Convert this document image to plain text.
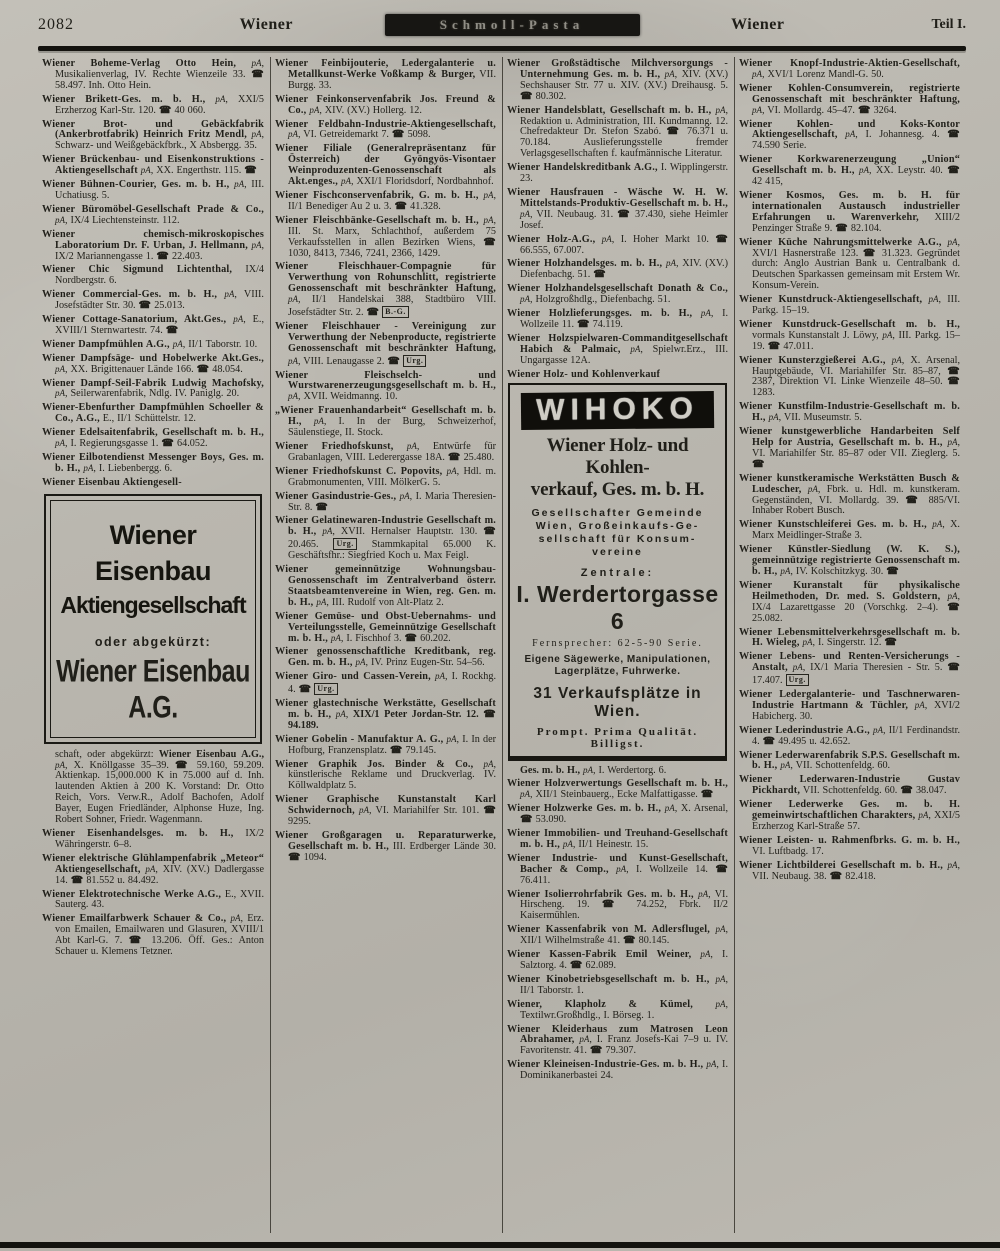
2082	Wiener	Schmoll-Pasta	Wiener	Teil I.

Wiener Boheme-Verlag Otto Hein, pA, Musikalienverlag, IV. Rechte Wienzeile 33. ☎ 58.497. Inh. Otto Hein.

Wiener Brikett-Ges. m. b. H., pA, XXI/5 Erzherzog Karl-Str. 120. ☎ 40 060.

Wiener Brot- und Gebäckfabrik (Ankerbrotfabrik) Heinrich Fritz Mendl, pA, Schwarz- und Weißgebäckfbrk., X Absbergg. 35.

Wiener Brückenbau- und Eisenkonstruktions - Aktiengesellschaft pA, XX. Engerthstr. 115. ☎

Wiener Bühnen-Courier, Ges. m. b. H., pA, III. Uchatiusg. 5.

Wiener Büromöbel-Gesellschaft Prade & Co., pA, IX/4 Liechtensteinstr. 112.

Wiener chemisch-mikroskopisches Laboratorium Dr. F. Urban, J. Hellmann, pA, IX/2 Mariannengasse 1. ☎ 22.403.

Wiener Chic Sigmund Lichtenthal, IX/4 Nordbergstr. 6.

Wiener Commercial-Ges. m. b. H., pA, VIII. Josefstädter Str. 30. ☎ 25.013.

Wiener Cottage-Sanatorium, Akt.Ges., pA, E., XVIII/1 Sternwartestr. 74. ☎

Wiener Dampfmühlen A.G., pA, II/1 Taborstr. 10.

Wiener Dampfsäge- und Hobelwerke Akt.Ges., pA, XX. Brigittenauer Lände 166. ☎ 48.054.

Wiener Dampf-Seil-Fabrik Ludwig Machofsky, pA, Seilerwarenfabrik, Ndlg. IV. Paniglg. 20.

Wiener-Ebenfurther Dampfmühlen Schoeller & Co., A.G., E., II/1 Schüttelstr. 12.

Wiener Edelsaitenfabrik, Gesellschaft m. b. H., pA, I. Regierungsgasse 1. ☎ 64.052.

Wiener Eilbotendienst Messenger Boys, Ges. m. b. H., pA, I. Liebenbergg. 6.

Wiener Eisenbau Aktiengesell-

Wiener
Eisenbau
Aktiengesellschaft
oder abgekürzt:
Wiener Eisenbau A.G.

schaft, oder abgekürzt: Wiener Eisenbau A.G., pA, X. Knöllgasse 35–39. ☎ 59.160, 59.209. Aktienkap. 15,000.000 K in 75.000 auf d. Inh. lautenden Aktien à 200 K. Vorstand: Dr. Otto Reich, Vors. Verw.R., Adolf Bachofen, Adolf Bayer, Eugen Friedländer, Alphonse Huze, Ing. Robert Sohner, Friedr. Wagenmann.

Wiener Eisenhandelsges. m. b. H., IX/2 Währingerstr. 6–8.

Wiener elektrische Glühlampenfabrik „Meteor“ Aktiengesellschaft, pA, XIV. (XV.) Dadlergasse 14. ☎ 81.552 u. 84.492.

Wiener Elektrotechnische Werke A.G., E., XVII. Sauterg. 43.

Wiener Emailfarbwerk Schauer & Co., pA, Erz. von Emailen, Emailwaren und Glasuren, XVIII/1 Abt Karl-G. 7. ☎ 13.206. Öff. Ges.: Anton Schauer u. Klemens Tetzner.

Wiener Feinbijouterie, Ledergalanterie u. Metallkunst-Werke Voßkamp & Burger, VII. Burgg. 33.

Wiener Feinkonservenfabrik Jos. Freund & Co., pA, XIV. (XV.) Hollerg. 12.

Wiener Feldbahn-Industrie-Aktiengesellschaft, pA, VI. Getreidemarkt 7. ☎ 5098.

Wiener Filiale (Generalrepräsentanz für Österreich) der Gyöngyös-Visontaer Weinproduzenten-Genossenschaft als Akt.enges., pA, XXI/1 Floridsdorf, Nordbahnhof.

Wiener Fischconservenfabrik, G. m. b. H., pA, II/1 Benediger Au 2 u. 3. ☎ 41.328.

Wiener Fleischbänke-Gesellschaft m. b. H., pA, III. St. Marx, Schlachthof, außerdem 75 Verkaufsstellen in allen Bezirken Wiens, ☎ 1030, 8413, 7346, 7241, 2366, 1429.

Wiener Fleischhauer-Compagnie für Verwerthung von Rohunschlitt, registrierte Genossenschaft mit beschränkter Haftung, pA, II/1 Handelskai 388, Stadtbüro VIII. Josefstädter Str. 2. ☎ B.-G.

Wiener Fleischhauer - Vereinigung zur Verwerthung der Nebenproducte, registrierte Genossenschaft mit beschränkter Haftung, pA, VIII. Lenaugasse 2. ☎ Urg.

Wiener Fleischselch- und Wurstwarenerzeugungsgesellschaft m. b. H., pA, XVII. Weidmanng. 10.

„Wiener Frauenhandarbeit“ Gesellschaft m. b. H., pA, I. In der Burg, Schweizerhof, Säulenstiege, II. Stock.

Wiener Friedhofskunst, pA, Entwürfe für Grabanlagen, VIII. Lederergasse 18A. ☎ 25.480.

Wiener Friedhofskunst C. Popovits, pA, Hdl. m. Grabmonumenten, VIII. MölkerG. 5.

Wiener Gasindustrie-Ges., pA, I. Maria Theresien-Str. 8. ☎

Wiener Gelatinewaren-Industrie Gesellschaft m. b. H., pA, XVII. Hernalser Hauptstr. 130. ☎ 20.465. Urg. Stammkapital 65.000 K. Geschäftsfhr.: Siegfried Koch u. Max Feigl.

Wiener gemeinnützige Wohnungsbau-Genossenschaft im Zentralverband österr. Staatsbeamtenvereine in Wien, reg. Gen. m. b. H., pA, III. Rudolf von Alt-Platz 2.

Wiener Gemüse- und Obst-Uebernahms- und Verteilungsstelle, Gemeinnützige Gesellschaft m. b. H., pA, I. Fischhof 3. ☎ 60.202.

Wiener genossenschaftliche Kreditbank, reg. Gen. m. b. H., pA, IV. Prinz Eugen-Str. 54–56.

Wiener Giro- und Cassen-Verein, pA, I. Rockhg. 4. ☎ Urg.

Wiener glastechnische Werkstätte, Gesellschaft m. b. H., pA, XIX/1 Peter Jordan-Str. 12. ☎ 94.189.

Wiener Gobelin - Manufaktur A. G., pA, I. In der Hofburg, Franzensplatz. ☎ 79.145.

Wiener Graphik Jos. Binder & Co., pA, künstlerische Reklame und Druckverlag. IV. Köllwaldplatz 5.

Wiener Graphische Kunstanstalt Karl Schwidernoch, pA, VI. Mariahilfer Str. 101. ☎ 9295.

Wiener Großgaragen u. Reparaturwerke, Gesellschaft m. b. H., III. Erdberger Lände 30. ☎ 1094.

Wiener Großstädtische Milchversorgungs - Unternehmung Ges. m. b. H., pA, XIV. (XV.) Sechshauser Str. 77 u. XIV. (XV.) Dreihausg. 5. ☎ 80.302.

Wiener Handelsblatt, Gesellschaft m. b. H., pA, Redaktion u. Administration, III. Kundmanng. 12. Chefredakteur Dr. Stefon Szabó. ☎ 76.371 u. 70.184. Auslieferungsstelle fremder Verlagsgesellschaften f. kaufmännische Literatur.

Wiener Handelskreditbank A.G., I. Wipplingerstr. 23.

Wiener Hausfrauen - Wäsche W. H. W. Mittelstands-Produktiv-Gesellschaft m. b. H., pA, VII. Neubaug. 31. ☎ 37.430, siehe Heimler Josef.

Wiener Holz-A.G., pA, I. Hoher Markt 10. ☎ 66.555, 67.007.

Wiener Holzhandelsges. m. b. H., pA, XIV. (XV.) Diefenbachg. 51. ☎

Wiener Holzhandelsgesellschaft Donath & Co., pA, Holzgroßhdlg., Diefenbachg. 51.

Wiener Holzlieferungsges. m. b. H., pA, I. Wollzeile 11. ☎ 74.119.

Wiener Holzspielwaren-Commanditgesellschaft Habich & Palmaic, pA, Spielwr.Erz., III. Ungargasse 12A.

Wiener Holz- und Kohlenverkauf

WIHOKO
Wiener Holz- und Kohlen-
verkauf, Ges. m. b. H.
Gesellschafter Gemeinde
Wien, Großeinkaufs-Ge-
sellschaft für Konsum-
vereine
Zentrale:
I. Werdertorgasse 6
Fernsprecher: 62-5-90 Serie.
Eigene Sägewerke, Manipulationen,
Lagerplätze, Fuhrwerke.
31 Verkaufsplätze in Wien.
Prompt. Prima Qualität. Billigst.

Ges. m. b. H., pA, I. Werdertorg. 6.

Wiener Holzverwertungs Gesellschaft m. b. H., pA, XII/1 Steinbauerg., Ecke Malfattigasse. ☎

Wiener Holzwerke Ges. m. b. H., pA, X. Arsenal, ☎ 53.090.

Wiener Immobilien- und Treuhand-Gesellschaft m. b. H., pA, II/1 Heinestr. 15.

Wiener Industrie- und Kunst-Gesellschaft, Bacher & Comp., pA, I. Wollzeile 14. ☎ 76.411.

Wiener Isolierrohrfabrik Ges. m. b. H., pA, VI. Hirscheng. 19. ☎ 74.252, Fbrk. II/2 Kaisermühlen.

Wiener Kassenfabrik von M. Adlersflugel, pA, XII/1 Wilhelmstraße 41. ☎ 80.145.

Wiener Kassen-Fabrik Emil Weiner, pA, I. Salztorg. 4. ☎ 62.089.

Wiener Kinobetriebsgesellschaft m. b. H., pA, II/1 Taborstr. 1.

Wiener, Klapholz & Kümel, pA, Textilwr.Großhdlg., I. Börseg. 1.

Wiener Kleiderhaus zum Matrosen Leon Abrahamer, pA, I. Franz Josefs-Kai 7–9 u. IV. Favoritenstr. 41. ☎ 79.307.

Wiener Kleineisen-Industrie-Ges. m. b. H., pA, I. Dominikanerbastei 24.

Wiener Knopf-Industrie-Aktien-Gesellschaft, pA, XVI/1 Lorenz Mandl-G. 50.

Wiener Kohlen-Consumverein, registrierte Genossenschaft mit beschränkter Haftung, pA, VI. Mollardg. 45–47. ☎ 3264.

Wiener Kohlen- und Koks-Kontor Aktiengesellschaft, pA, I. Johannesg. 4. ☎ 74.590 Serie.

Wiener Korkwarenerzeugung „Union“ Gesellschaft m. b. H., pA, XX. Leystr. 40. ☎ 42 415,

Wiener Kosmos, Ges. m. b. H. für internationalen Austausch industrieller Erfahrungen u. Warenverkehr, XIII/2 Penzinger Straße 9. ☎ 82.104.

Wiener Küche Nahrungsmittelwerke A.G., pA, XVI/1 Hasnerstraße 123. ☎ 31.323. Gegründet durch: Anglo Austrian Bank u. Centralbank d. Deutschen Sparkassen gemeinsam mit Erstem Wr. Konsum-Verein.

Wiener Kunstdruck-Aktiengesellschaft, pA, III. Parkg. 15–19.

Wiener Kunstdruck-Gesellschaft m. b. H., vormals Kunstanstalt J. Löwy, pA, III. Parkg. 15–19. ☎ 47.011.

Wiener Kunsterzgießerei A.G., pA, X. Arsenal, Hauptgebäude, VI. Mariahilfer Str. 85–87, ☎ 2387, Direktion VI. Linke Wienzeile 48–50. ☎ 1283.

Wiener Kunstfilm-Industrie-Gesellschaft m. b. H., pA, VII. Museumstr. 5.

Wiener kunstgewerbliche Handarbeiten Self Help for Austria, Gesellschaft m. b. H., pA, VI. Mariahilfer Str. 85–87 oder VII. Zieglerg. 5. ☎

Wiener kunstkeramische Werkstätten Busch & Ludescher, pA, Fbrk. u. Hdl. m. kunstkeram. Gegenständen, VI. Mollardg. 39. ☎ 885/VI. Inhaber Robert Busch.

Wiener Kunstschleiferei Ges. m. b. H., pA, X. Marx Meidlinger-Straße 3.

Wiener Künstler-Siedlung (W. K. S.), gemeinnützige registrierte Genossenschaft m. b. H., pA, IV. Kolschitzkyg. 30. ☎

Wiener Kuranstalt für physikalische Heilmethoden, Dr. med. S. Goldstern, pA, IX/4 Lazarettgasse 20 (Vorschkg. 2–4). ☎ 25.082.

Wiener Lebensmittelverkehrsgesellschaft m. b. H. Wieleg, pA, I. Singerstr. 12. ☎

Wiener Lebens- und Renten-Versicherungs - Anstalt, pA, IX/1 Maria Theresien - Str. 5. ☎ 17.407. Urg.

Wiener Ledergalanterie- und Taschnerwaren-Industrie Hartmann & Tüchler, pA, XVI/2 Habicherg. 30.

Wiener Lederindustrie A.G., pA, II/1 Ferdinandstr. 4. ☎ 49.495 u. 42.652.

Wiener Lederwarenfabrik S.P.S. Gesellschaft m. b. H., pA, VII. Schottenfeldg. 60.

Wiener Lederwaren-Industrie Gustav Pickhardt, VII. Schottenfeldg. 60. ☎ 38.047.

Wiener Lederwerke Ges. m. b. H. gemeinwirtschaftlichen Charakters, pA, XXI/5 Erzherzog Karl-Straße 57.

Wiener Leisten- u. Rahmenfbrks. G. m. b. H., VI. Luftbadg. 17.

Wiener Lichtbilderei Gesellschaft m. b. H., pA, VII. Neubaug. 38. ☎ 82.418.
